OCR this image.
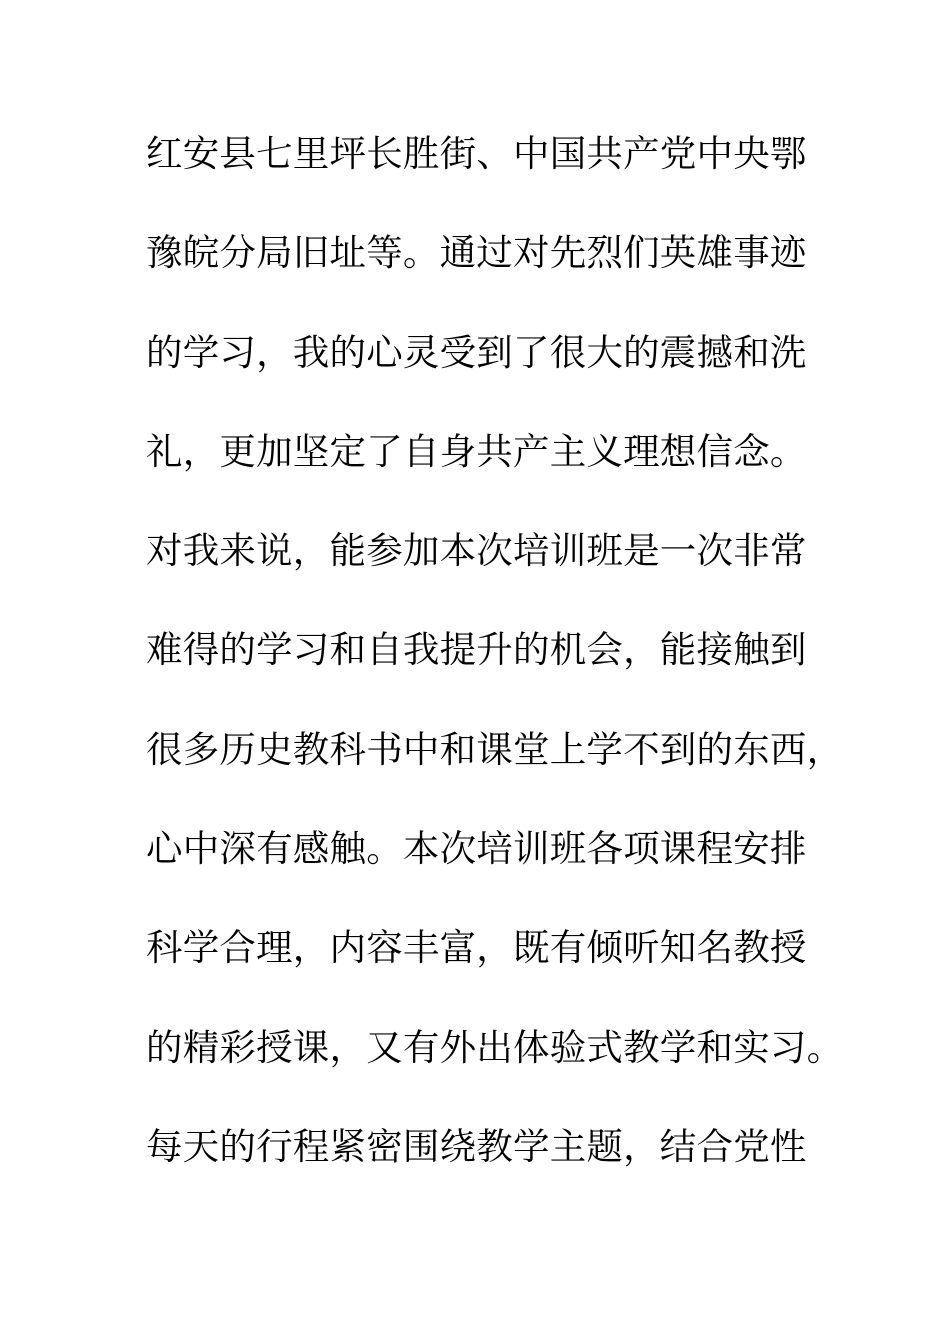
红安县七里坪长胜街、中国共产党中央鄂
豫皖分局旧址等。通过对先烈们英雄事迹
的学习，我的心灵受到了很大的震撼和洗
礼，更加坚定了自身共产主义理想信念。
对我来说，能参加本次培训班是一次非常
难得的学习和自我提升的机会，能接触到
很多历史教科书中和课堂上学不到的东西，
心中深有感触。本次培训班各项课程安排
科学合理，内容丰富，既有倾听知名教授
的精彩授课，又有外出体验式教学和实习。
每天的行程紧密围绕教学主题，结合党性
